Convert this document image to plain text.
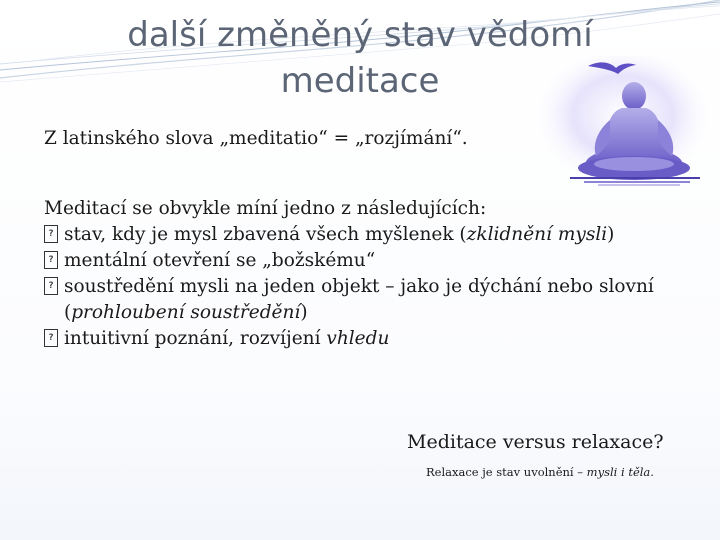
další změněný stav vědomí
meditace
Z latinského slova „meditatio“ = „rozjímání“.

Meditací se obvykle míní jedno z následujících:

?
stav, kdy je mysl zbavená všech myšlenek (zklidnění mysli)
?
mentální otevření se „božskému“
?
soustředění mysli na jeden objekt – jako je dýchání nebo slovní (prohloubení soustředění)
?
intuitivní poznání, rozvíjení vhledu
Meditace versus relaxace?
Relaxace je stav uvolnění – mysli i těla.
